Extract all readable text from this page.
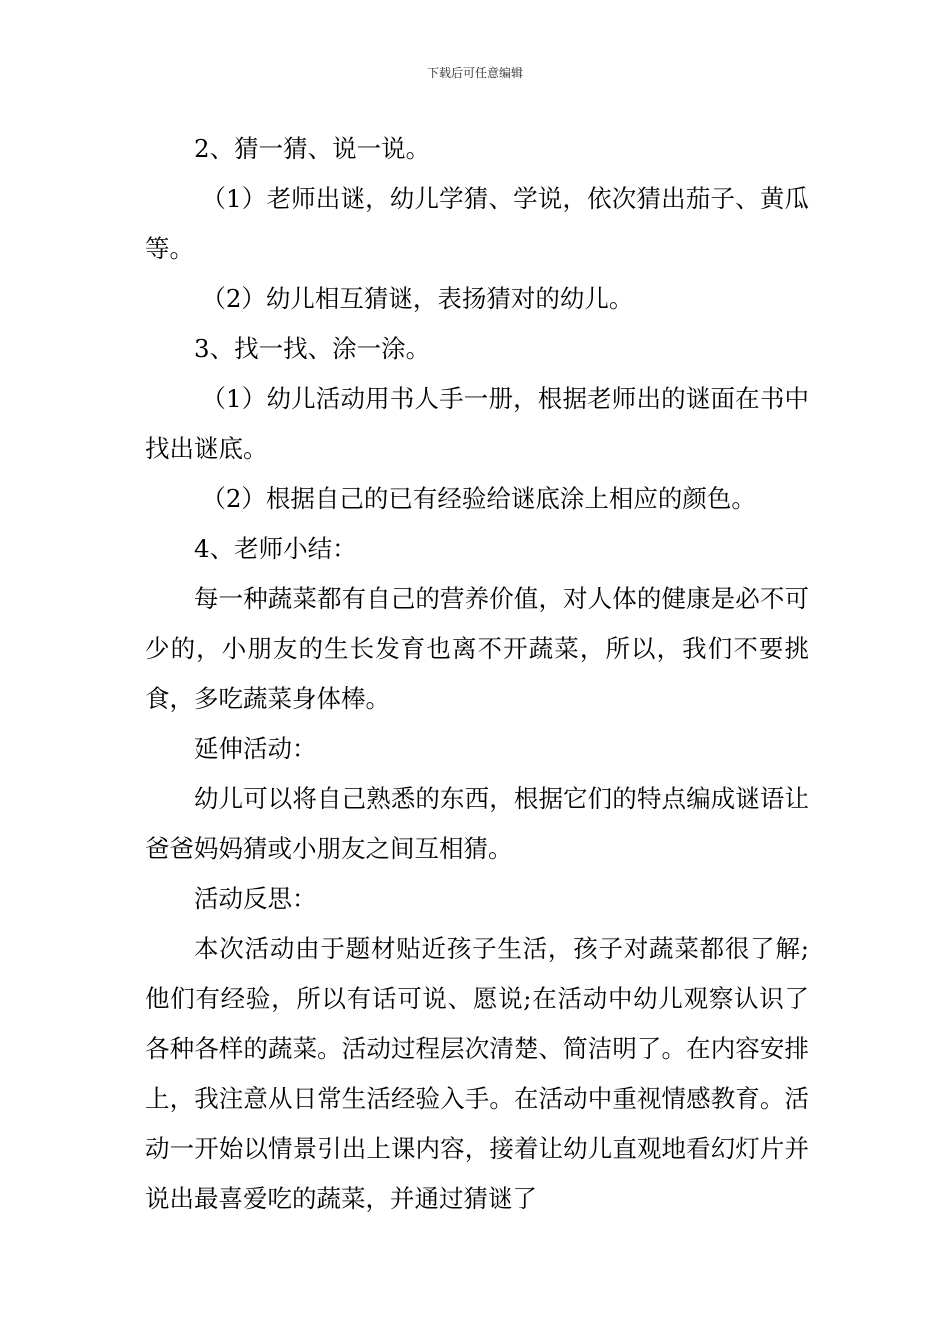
下载后可任意编辑

2、猜一猜、说一说。

（1）老师出谜，幼儿学猜、学说，依次猜出茄子、黄瓜等。

（2）幼儿相互猜谜，表扬猜对的幼儿。

3、找一找、涂一涂。

（1）幼儿活动用书人手一册，根据老师出的谜面在书中找出谜底。

（2）根据自己的已有经验给谜底涂上相应的颜色。

4、老师小结：

每一种蔬菜都有自己的营养价值，对人体的健康是必不可少的，小朋友的生长发育也离不开蔬菜，所以，我们不要挑食，多吃蔬菜身体棒。

延伸活动：

幼儿可以将自己熟悉的东西，根据它们的特点编成谜语让爸爸妈妈猜或小朋友之间互相猜。

活动反思：

本次活动由于题材贴近孩子生活，孩子对蔬菜都很了解;他们有经验，所以有话可说、愿说;在活动中幼儿观察认识了各种各样的蔬菜。活动过程层次清楚、简洁明了。在内容安排上，我注意从日常生活经验入手。在活动中重视情感教育。活动一开始以情景引出上课内容，接着让幼儿直观地看幻灯片并说出最喜爱吃的蔬菜，并通过猜谜了
